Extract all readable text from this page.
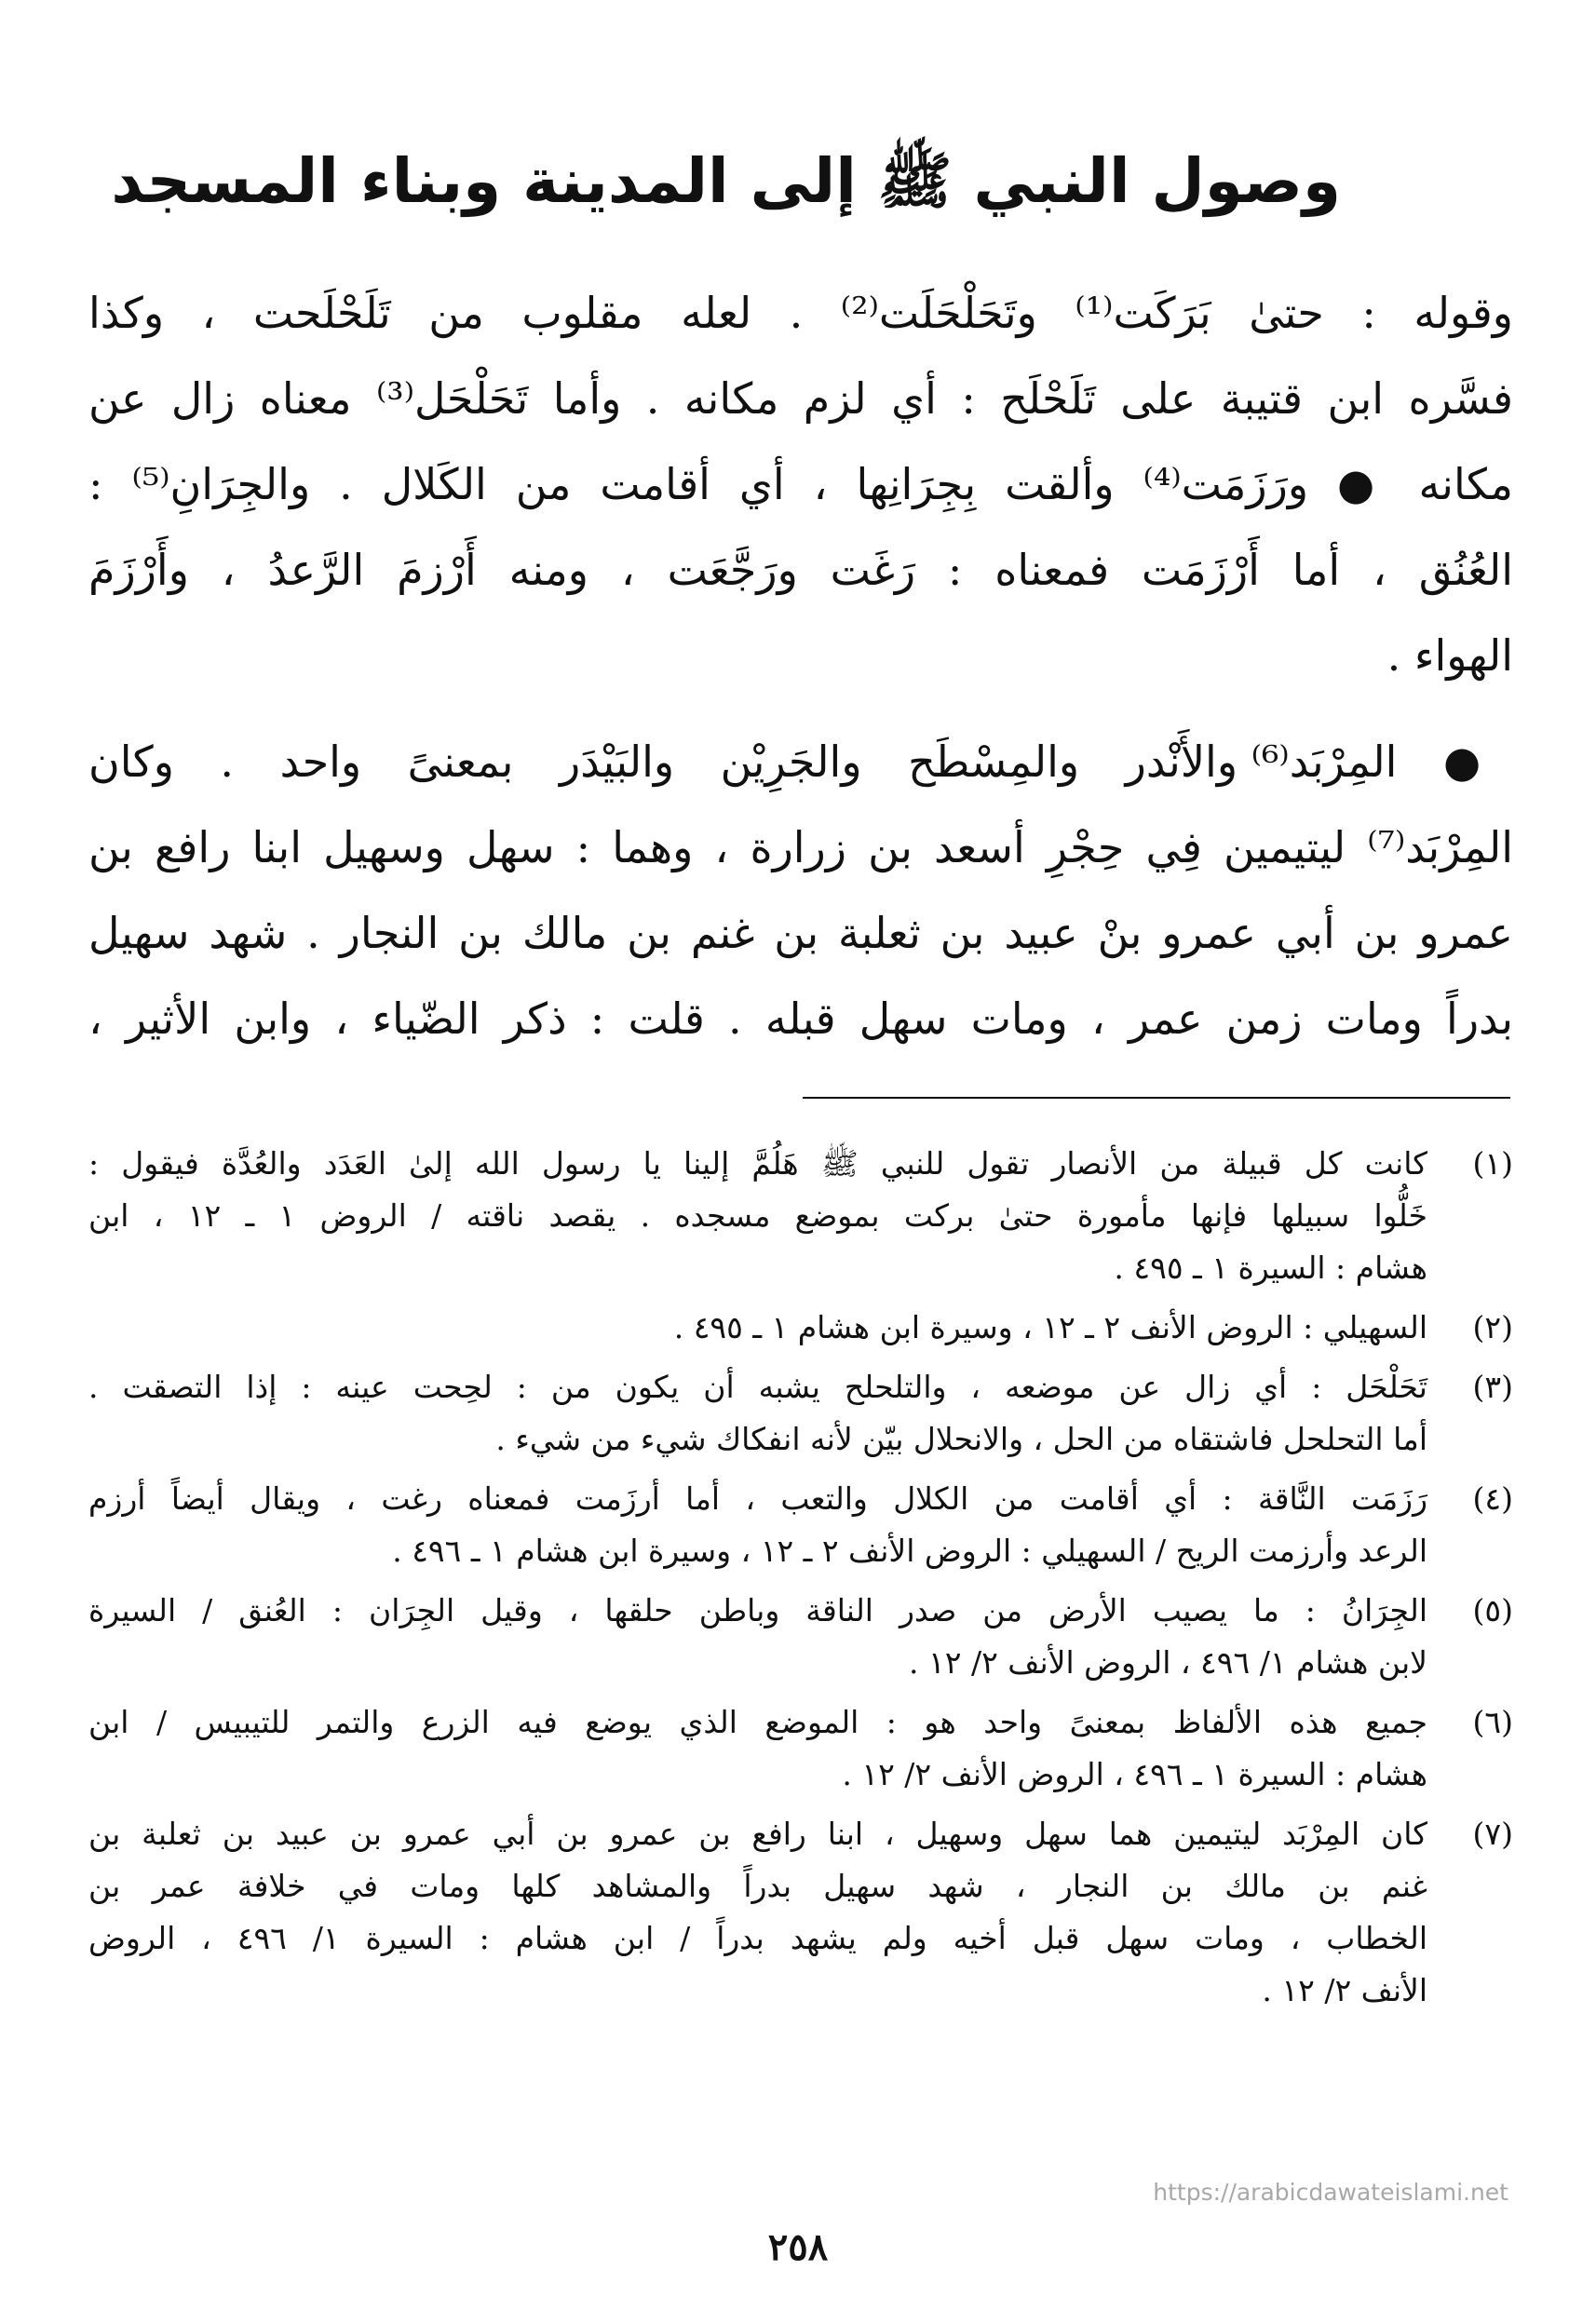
وصول النبي ﷺ إلى المدينة وبناء المسجد

وقوله : حتىٰ بَرَكَت⁽¹⁾ وتَحَلْحَلَت⁽²⁾ . لعله مقلوب من تَلَحْلَحت ، وكذا
فسَّره ابن قتيبة على تَلَحْلَح : أي لزم مكانه . وأما تَحَلْحَل⁽³⁾ معناه زال عن
مكانه ● ورَزَمَت⁽⁴⁾ وألقت بِجِرَانِها ، أي أقامت من الكَلال . والجِرَانِ⁽⁵⁾ :
العُنُق ، أما أَرْزَمَت فمعناه : رَغَت ورَجَّعَت ، ومنه أَرْزمَ الرَّعدُ ، وأَرْزَمَ
الهواء .

● المِرْبَد⁽⁶⁾ والأَنْدر والمِسْطَح والجَرِيْن والبَيْدَر بمعنىً واحد . وكان
المِرْبَد⁽⁷⁾ ليتيمين فِي حِجْرِ أسعد بن زرارة ، وهما : سهل وسهيل ابنا رافع بن
عمرو بن أبي عمرو بنْ عبيد بن ثعلبة بن غنم بن مالك بن النجار . شهد سهيل
بدراً ومات زمن عمر ، ومات سهل قبله . قلت : ذكر الضّياء ، وابن الأثير ،

(١)
كانت كل قبيلة من الأنصار تقول للنبي ﷺ هَلُمَّ إلينا يا رسول الله إلىٰ العَدَد والعُدَّة فيقول :
خَلُّوا سبيلها فإنها مأمورة حتىٰ بركت بموضع مسجده . يقصد ناقته / الروض ١ ـ ١٢ ، ابن
هشام : السيرة ١ ـ ٤٩٥ .
(٢)
السهيلي : الروض الأنف ٢ ـ ١٢ ، وسيرة ابن هشام ١ ـ ٤٩٥ .
(٣)
تَحَلْحَل : أي زال عن موضعه ، والتلحلح يشبه أن يكون من : لحِحت عينه : إذا التصقت .
أما التحلحل فاشتقاه من الحل ، والانحلال بيّن لأنه انفكاك شيء من شيء .
(٤)
رَزَمَت النَّاقة : أي أقامت من الكلال والتعب ، أما أرزَمت فمعناه رغت ، ويقال أيضاً أرزم
الرعد وأرزمت الريح / السهيلي : الروض الأنف ٢ ـ ١٢ ، وسيرة ابن هشام ١ ـ ٤٩٦ .
(٥)
الجِرَانُ : ما يصيب الأرض من صدر الناقة وباطن حلقها ، وقيل الجِرَان : العُنق / السيرة
لابن هشام ١/ ٤٩٦ ، الروض الأنف ٢/ ١٢ .
(٦)
جميع هذه الألفاظ بمعنىً واحد هو : الموضع الذي يوضع فيه الزرع والتمر للتيبيس / ابن
هشام : السيرة ١ ـ ٤٩٦ ، الروض الأنف ٢/ ١٢ .
(٧)
كان المِرْبَد ليتيمين هما سهل وسهيل ، ابنا رافع بن عمرو بن أبي عمرو بن عبيد بن ثعلبة بن
غنم بن مالك بن النجار ، شهد سهيل بدراً والمشاهد كلها ومات في خلافة عمر بن
الخطاب ، ومات سهل قبل أخيه ولم يشهد بدراً / ابن هشام : السيرة ١/ ٤٩٦ ، الروض
الأنف ٢/ ١٢ .
https://arabicdawateislami.net
٢٥٨
